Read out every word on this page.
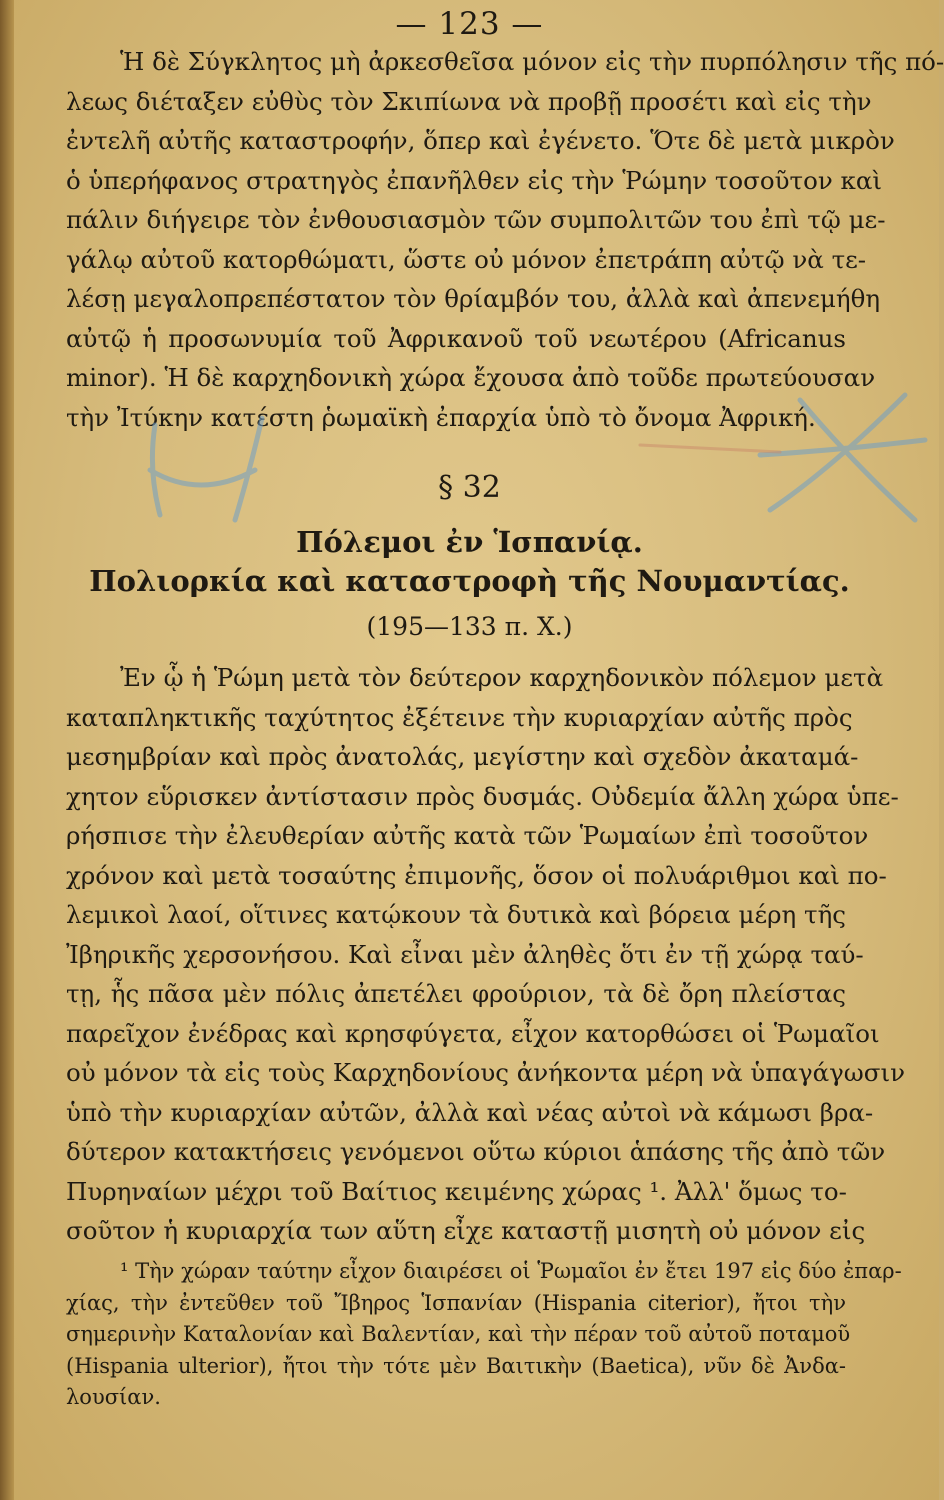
— 123 —
Ἡ δὲ Σύγκλητος μὴ ἀρκεσθεῖσα μόνον εἰς τὴν πυρπόλησιν τῆς πό-
λεως διέταξεν εὐθὺς τὸν Σκιπίωνα νὰ προβῇ προσέτι καὶ εἰς τὴν
ἐντελῆ αὐτῆς καταστροφήν, ὅπερ καὶ ἐγένετο. Ὅτε δὲ μετὰ μικρὸν
ὁ ὑπερήφανος στρατηγὸς ἐπανῆλθεν εἰς τὴν Ῥώμην τοσοῦτον καὶ
πάλιν διήγειρε τὸν ἐνθουσιασμὸν τῶν συμπολιτῶν του ἐπὶ τῷ με-
γάλῳ αὐτοῦ κατορθώματι, ὥστε οὐ μόνον ἐπετράπη αὐτῷ νὰ τε-
λέσῃ μεγαλοπρεπέστατον τὸν θρίαμβόν του, ἀλλὰ καὶ ἀπενεμήθη
αὐτῷ ἡ προσωνυμία τοῦ Ἀφρικανοῦ τοῦ νεωτέρου (Africanus
minor). Ἡ δὲ καρχηδονικὴ χώρα ἔχουσα ἀπὸ τοῦδε πρωτεύουσαν
τὴν Ἰτύκην κατέστη ῥωμαϊκὴ ἐπαρχία ὑπὸ τὸ ὄνομα Ἀφρική.
§ 32
Πόλεμοι ἐν Ἱσπανίᾳ.
Πολιορκία καὶ καταστροφὴ τῆς Νουμαντίας.
(195—133 π. Χ.)
Ἐν ᾧ ἡ Ῥώμη μετὰ τὸν δεύτερον καρχηδονικὸν πόλεμον μετὰ
καταπληκτικῆς ταχύτητος ἐξέτεινε τὴν κυριαρχίαν αὐτῆς πρὸς
μεσημβρίαν καὶ πρὸς ἀνατολάς, μεγίστην καὶ σχεδὸν ἀκαταμά-
χητον εὕρισκεν ἀντίστασιν πρὸς δυσμάς. Οὐδεμία ἄλλη χώρα ὑπε-
ρήσπισε τὴν ἐλευθερίαν αὐτῆς κατὰ τῶν Ῥωμαίων ἐπὶ τοσοῦτον
χρόνον καὶ μετὰ τοσαύτης ἐπιμονῆς, ὅσον οἱ πολυάριθμοι καὶ πο-
λεμικοὶ λαοί, οἵτινες κατῴκουν τὰ δυτικὰ καὶ βόρεια μέρη τῆς
Ἰβηρικῆς χερσονήσου. Καὶ εἶναι μὲν ἀληθὲς ὅτι ἐν τῇ χώρᾳ ταύ-
τῃ, ἧς πᾶσα μὲν πόλις ἀπετέλει φρούριον, τὰ δὲ ὄρη πλείστας
παρεῖχον ἐνέδρας καὶ κρησφύγετα, εἶχον κατορθώσει οἱ Ῥωμαῖοι
οὐ μόνον τὰ εἰς τοὺς Καρχηδονίους ἀνήκοντα μέρη νὰ ὑπαγάγωσιν
ὑπὸ τὴν κυριαρχίαν αὐτῶν, ἀλλὰ καὶ νέας αὐτοὶ νὰ κάμωσι βρα-
δύτερον κατακτήσεις γενόμενοι οὕτω κύριοι ἁπάσης τῆς ἀπὸ τῶν
Πυρηναίων μέχρι τοῦ Βαίτιος κειμένης χώρας ¹. Ἀλλ' ὅμως το-
σοῦτον ἡ κυριαρχία των αὕτη εἶχε καταστῇ μισητὴ οὐ μόνον εἰς
¹ Τὴν χώραν ταύτην εἶχον διαιρέσει οἱ Ῥωμαῖοι ἐν ἔτει 197 εἰς δύο ἐπαρ-
χίας, τὴν ἐντεῦθεν τοῦ Ἴβηρος Ἱσπανίαν (Hispania citerior), ἤτοι τὴν
σημερινὴν Καταλονίαν καὶ Βαλεντίαν, καὶ τὴν πέραν τοῦ αὐτοῦ ποταμοῦ
(Hispania ulterior), ἤτοι τὴν τότε μὲν Βαιτικὴν (Baetica), νῦν δὲ Ἀνδα-
λουσίαν.
